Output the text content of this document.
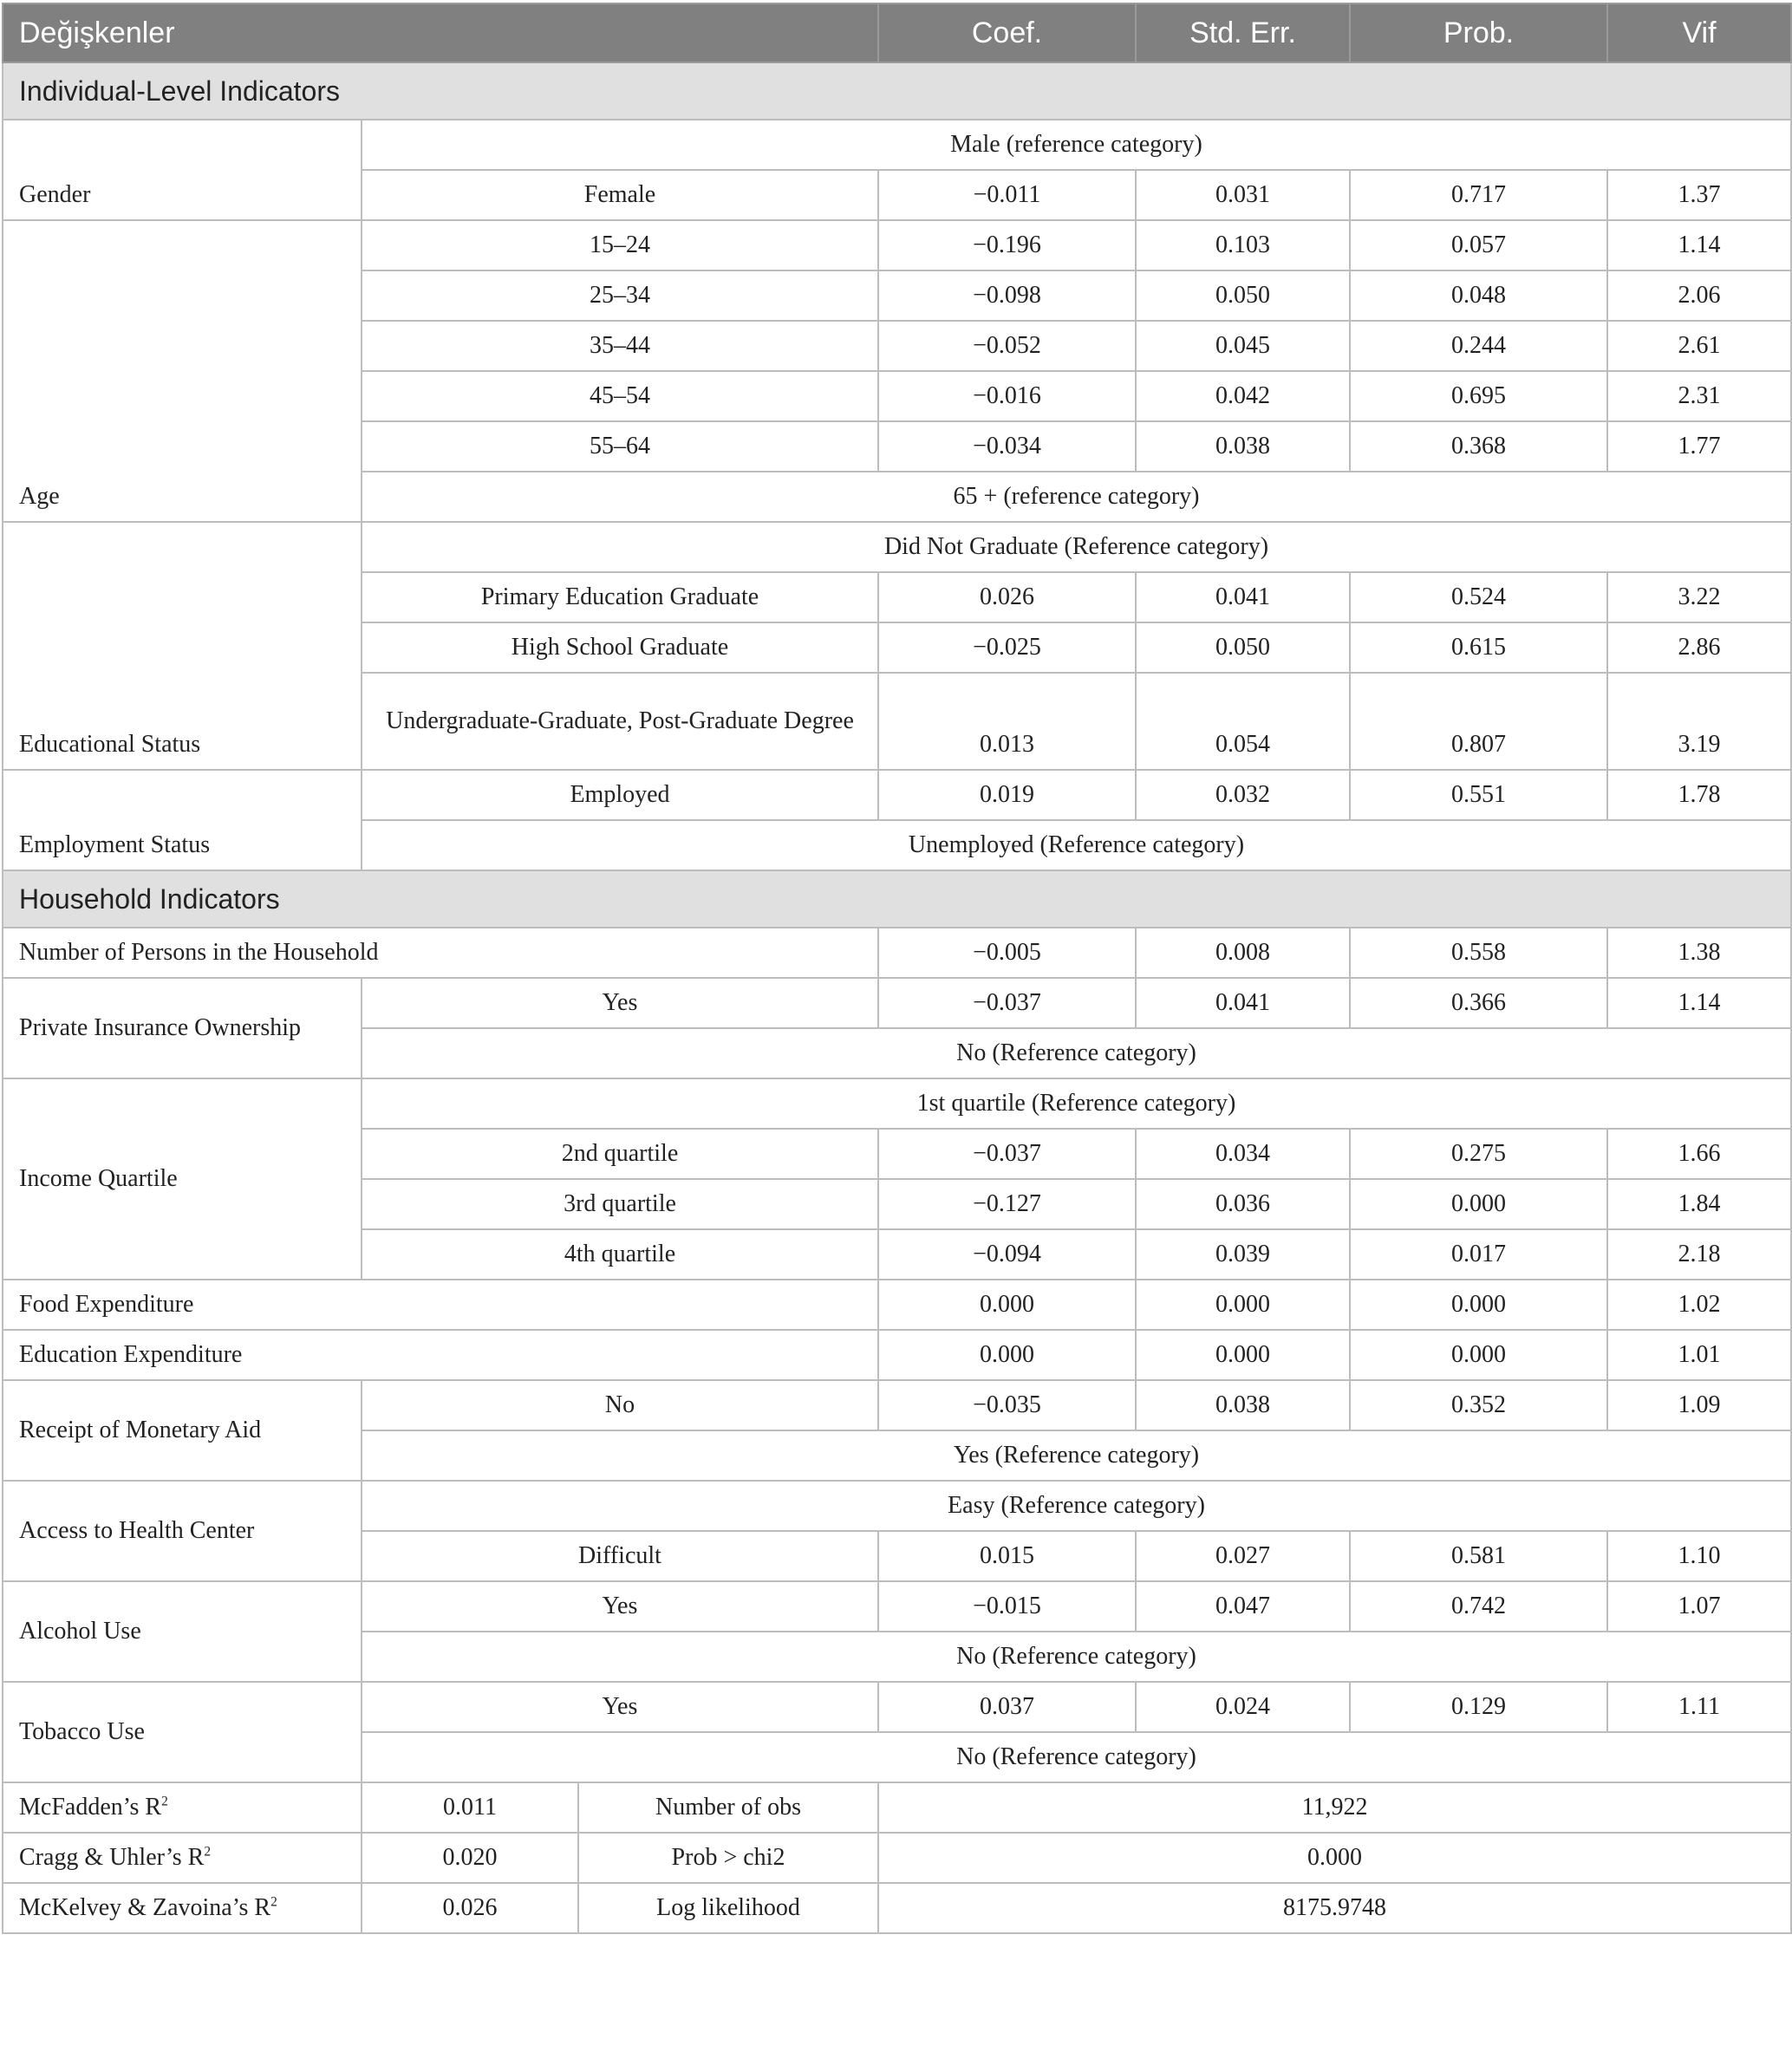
Değişkenler			Coef.	Std. Err.	Prob.	Vif
Individual-Level Indicators						
Gender	Male (reference category)					
	Female		−0.011	0.031	0.717	1.37
Age	15–24		−0.196	0.103	0.057	1.14
	25–34		−0.098	0.050	0.048	2.06
	35–44		−0.052	0.045	0.244	2.61
	45–54		−0.016	0.042	0.695	2.31
	55–64		−0.034	0.038	0.368	1.77
	65 + (reference category)					
Educational Status	Did Not Graduate (Reference category)					
	Primary Education Graduate		0.026	0.041	0.524	3.22
	High School Graduate		−0.025	0.050	0.615	2.86
	Undergraduate-Graduate, Post-Graduate Degree		0.013	0.054	0.807	3.19
Employment Status	Employed		0.019	0.032	0.551	1.78
	Unemployed (Reference category)					
Household Indicators						
Number of Persons in the Household			−0.005	0.008	0.558	1.38
Private Insurance Ownership	Yes		−0.037	0.041	0.366	1.14
	No (Reference category)					
Income Quartile	1st quartile (Reference category)					
	2nd quartile		−0.037	0.034	0.275	1.66
	3rd quartile		−0.127	0.036	0.000	1.84
	4th quartile		−0.094	0.039	0.017	2.18
Food Expenditure			0.000	0.000	0.000	1.02
Education Expenditure			0.000	0.000	0.000	1.01
Receipt of Monetary Aid	No		−0.035	0.038	0.352	1.09
	Yes (Reference category)					
Access to Health Center	Easy (Reference category)					
	Difficult		0.015	0.027	0.581	1.10
Alcohol Use	Yes		−0.015	0.047	0.742	1.07
	No (Reference category)					
Tobacco Use	Yes		0.037	0.024	0.129	1.11
	No (Reference category)					
McFadden’s $R^2$	0.011	Number of obs	11,922			
Cragg & Uhler’s $R^2$	0.020	Prob > chi2	0.000			
McKelvey & Zavoina’s $R^2$	0.026	Log likelihood	8175.9748			
